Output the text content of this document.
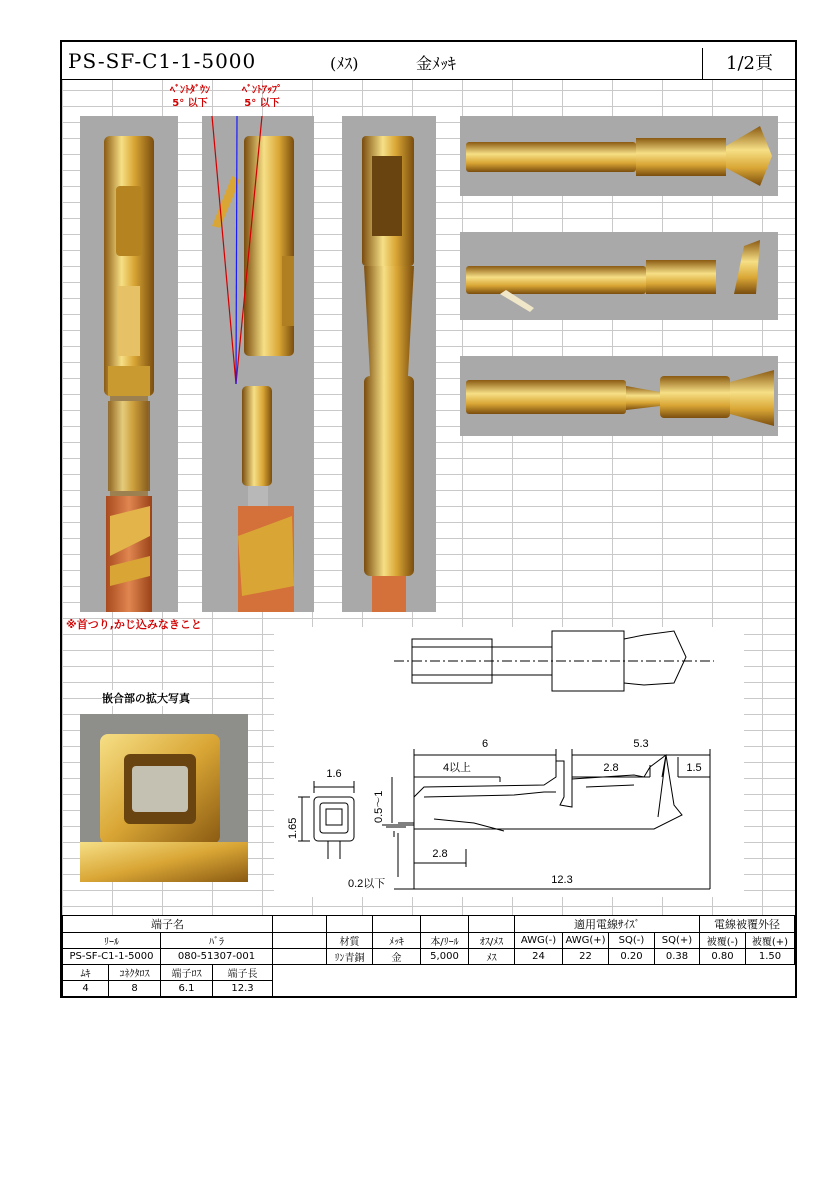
PS-SF-C1-1-5000	(ﾒｽ)	金ﾒｯｷ	1/2頁
ﾍﾞﾝﾄﾀﾞｳﾝ
5° 以下
ﾍﾞﾝﾄｱｯﾌﾟ
5° 以下
※首つり,かじ込みなきこと
嵌合部の拡大写真
6	5.3
4以上	2.8	1.5
1.6
1.65
0.5～1
2.8
0.2以下	12.3
端子名									適用電線ｻｲｽﾞ				電線被覆外径	
ﾘｰﾙ		ﾊﾞﾗ			材質	ﾒｯｷ	本/ﾘｰﾙ	ｵｽ/ﾒｽ	AWG(-)	AWG(+)	SQ(-)	SQ(+)	被覆(-)	被覆(+)
PS-SF-C1-1-5000		080-51307-001			ﾘﾝ青銅	金	5,000	ﾒｽ	24	22	0.20	0.38	0.80	1.50
ﾑｷ	ｺﾈｸﾀﾛｽ	端子ﾛｽ	端子長											
4	8	6.1	12.3											
